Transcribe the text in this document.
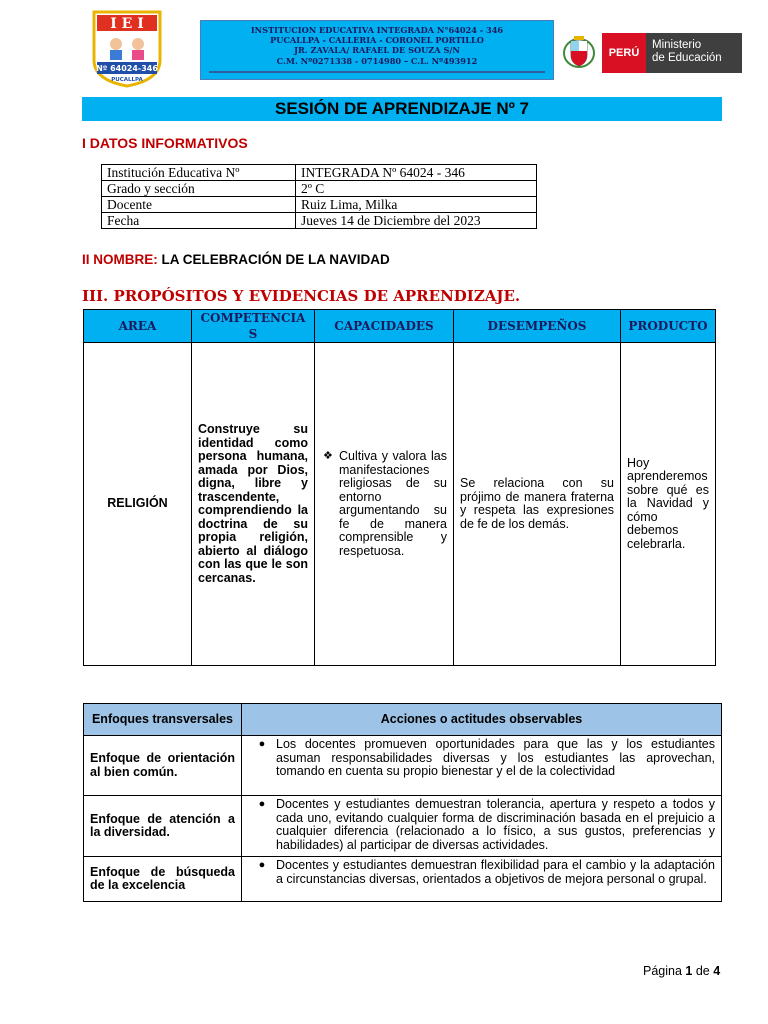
I E I
Nº 64024-346
PUCALLPA
INSTITUCION EDUCATIVA INTEGRADA N°64024 - 346
PUCALLPA - CALLERIA - CORONEL PORTILLO
JR. ZAVALA/ RAFAEL DE SOUZA S/N
C.M. Nº0271338 - 0714980 – C.L. Nº493912
PERÚ
Ministerio
de Educación
SESIÓN DE APRENDIZAJE Nº 7
I DATOS INFORMATIVOS
Institución Educativa Nº	INTEGRADA Nº 64024 - 346
Grado y sección	2º C
Docente	Ruiz Lima, Milka
Fecha	Jueves 14 de Diciembre del 2023
II NOMBRE: LA CELEBRACIÓN DE LA NAVIDAD
III. PROPÓSITOS Y EVIDENCIAS DE APRENDIZAJE.
AREA	COMPETENCIAS	CAPACIDADES	DESEMPEÑOS	PRODUCTO
RELIGIÓN	Construye su identidad como persona humana, amada por Dios, digna, libre y trascendente, comprendiendo la doctrina de su propia religión, abierto al diálogo con las que le son cercanas.	❖ Cultiva y valora las manifestaciones religiosas de su entorno argumentando su fe de manera comprensible y respetuosa.	Se relaciona con su prójimo de manera fraterna y respeta las expresiones de fe de los demás.	Hoy aprenderemos sobre qué es la Navidad y cómo debemos celebrarla.
Enfoques transversales	Acciones o actitudes observables
Enfoque de orientación al bien común.	● Los docentes promueven oportunidades para que las y los estudiantes asuman responsabilidades diversas y los estudiantes las aprovechan, tomando en cuenta su propio bienestar y el de la colectividad

Enfoque de atención a la diversidad.	● Docentes y estudiantes demuestran tolerancia, apertura y respeto a todos y cada uno, evitando cualquier forma de discriminación basada en el prejuicio a cualquier diferencia (relacionado a lo físico, a sus gustos, preferencias y habilidades) al participar de diversas actividades.

Enfoque de búsqueda de la excelencia	● Docentes y estudiantes demuestran flexibilidad para el cambio y la adaptación a circunstancias diversas, orientados a objetivos de mejora personal o grupal.
Página 1 de 4
